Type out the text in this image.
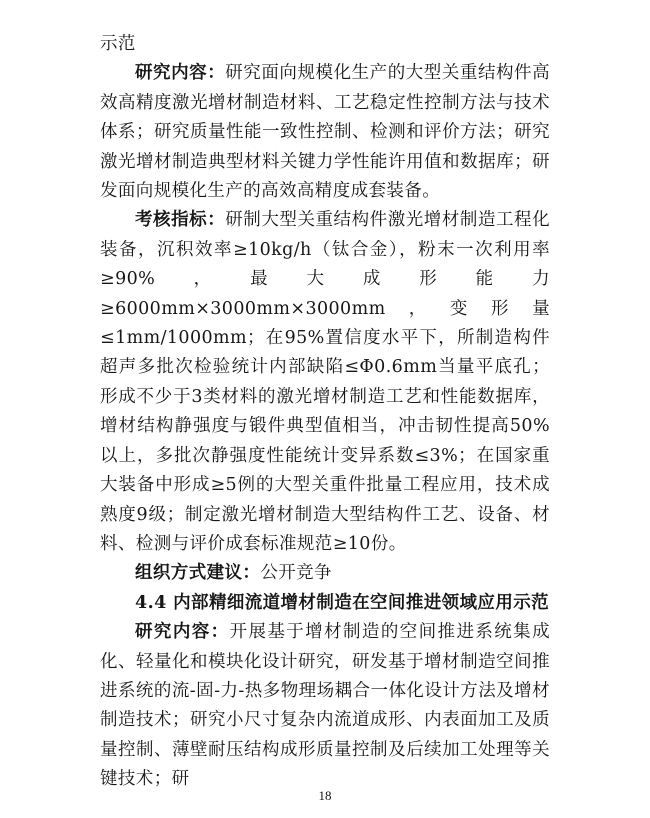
示范

研究内容：研究面向规模化生产的大型关重结构件高效高精度激光增材制造材料、工艺稳定性控制方法与技术体系；研究质量性能一致性控制、检测和评价方法；研究激光增材制造典型材料关键力学性能许用值和数据库；研发面向规模化生产的高效高精度成套装备。

考核指标：研制大型关重结构件激光增材制造工程化装备，沉积效率≥10kg/h（钛合金），粉末一次利用率≥90%，最大成形能力≥6000mm×3000mm×3000mm，变形量≤1mm/1000mm；在95%置信度水平下，所制造构件超声多批次检验统计内部缺陷≤Φ0.6mm当量平底孔；形成不少于3类材料的激光增材制造工艺和性能数据库，增材结构静强度与锻件典型值相当，冲击韧性提高50%以上，多批次静强度性能统计变异系数≤3%；在国家重大装备中形成≥5例的大型关重件批量工程应用，技术成熟度9级；制定激光增材制造大型结构件工艺、设备、材料、检测与评价成套标准规范≥10份。

组织方式建议：公开竞争

4.4 内部精细流道增材制造在空间推进领域应用示范

研究内容：开展基于增材制造的空间推进系统集成化、轻量化和模块化设计研究，研发基于增材制造空间推进系统的流-固-力-热多物理场耦合一体化设计方法及增材制造技术；研究小尺寸复杂内流道成形、内表面加工及质量控制、薄壁耐压结构成形质量控制及后续加工处理等关键技术；研

18
